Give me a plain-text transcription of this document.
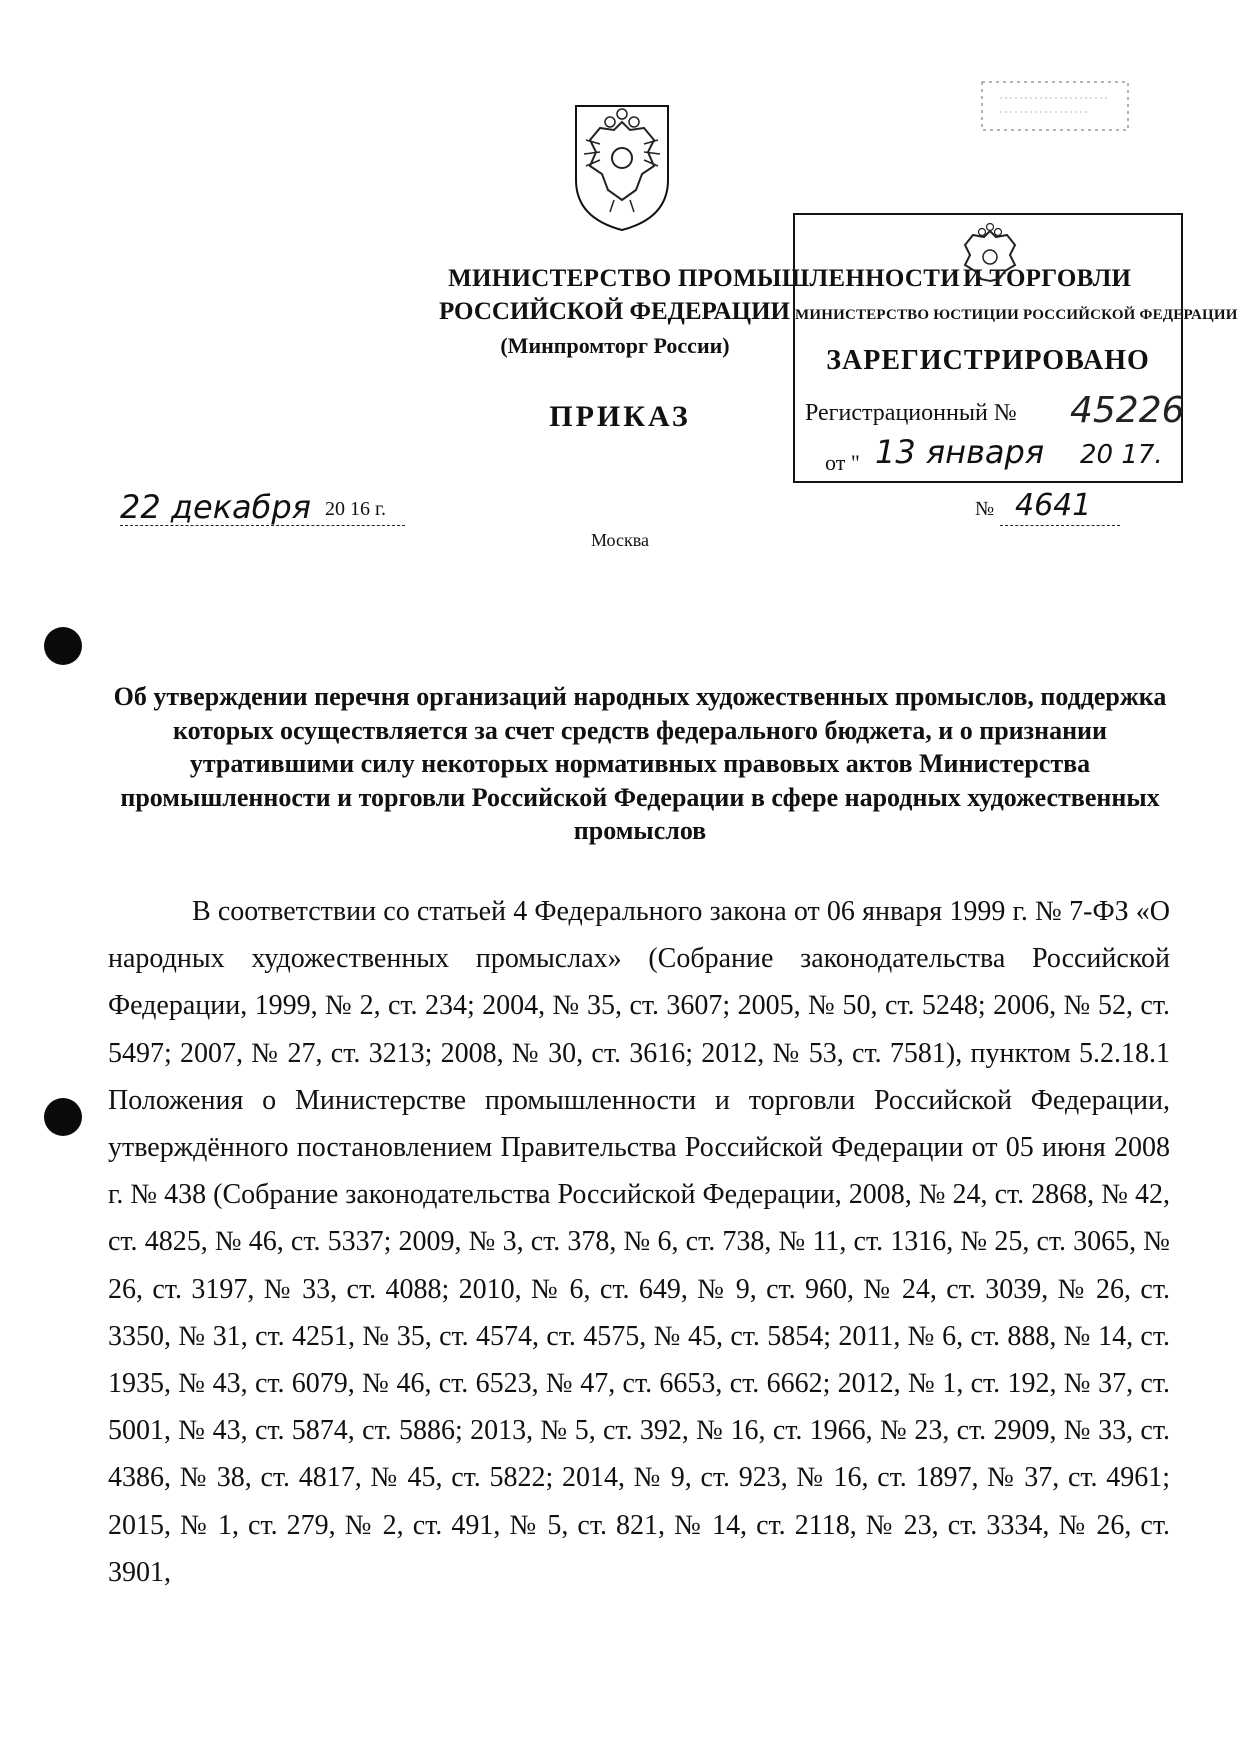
МИНИСТЕРСТВО ПРОМЫШЛЕННОСТИ И ТОРГОВЛИ
РОССИЙСКОЙ ФЕДЕРАЦИИ
(Минпромторг России)
ПРИКАЗ
МИНИСТЕРСТВО ЮСТИЦИИ РОССИЙСКОЙ ФЕДЕРАЦИИ
ЗАРЕГИСТРИРОВАНО
Регистрационный № 45226
от " 13 января 20 17.
22 декабря 20 16 г.	№ 4641
Москва
Об утверждении перечня организаций народных художественных промыслов, поддержка которых осуществляется за счет средств федерального бюджета, и о признании утратившими силу некоторых нормативных правовых актов Министерства промышленности и торговли Российской Федерации в сфере народных художественных промыслов
В соответствии со статьей 4 Федерального закона от 06 января 1999 г. № 7-ФЗ «О народных художественных промыслах» (Собрание законодательства Российской Федерации, 1999, № 2, ст. 234; 2004, № 35, ст. 3607; 2005, № 50, ст. 5248; 2006, № 52, ст. 5497; 2007, № 27, ст. 3213; 2008, № 30, ст. 3616; 2012, № 53, ст. 7581), пунктом 5.2.18.1 Положения о Министерстве промышленности и торговли Российской Федерации, утверждённого постановлением Правительства Российской Федерации от 05 июня 2008 г. № 438 (Собрание законодательства Российской Федерации, 2008, № 24, ст. 2868, № 42, ст. 4825, № 46, ст. 5337; 2009, № 3, ст. 378, № 6, ст. 738, № 11, ст. 1316, № 25, ст. 3065, № 26, ст. 3197, № 33, ст. 4088; 2010, № 6, ст. 649, № 9, ст. 960, № 24, ст. 3039, № 26, ст. 3350, № 31, ст. 4251, № 35, ст. 4574, ст. 4575, № 45, ст. 5854; 2011, № 6, ст. 888, № 14, ст. 1935, № 43, ст. 6079, № 46, ст. 6523, № 47, ст. 6653, ст. 6662; 2012, № 1, ст. 192, № 37, ст. 5001, № 43, ст. 5874, ст. 5886; 2013, № 5, ст. 392, № 16, ст. 1966, № 23, ст. 2909, № 33, ст. 4386, № 38, ст. 4817, № 45, ст. 5822; 2014, № 9, ст. 923, № 16, ст. 1897, № 37, ст. 4961; 2015, № 1, ст. 279, № 2, ст. 491, № 5, ст. 821, № 14, ст. 2118, № 23, ст. 3334, № 26, ст. 3901,
